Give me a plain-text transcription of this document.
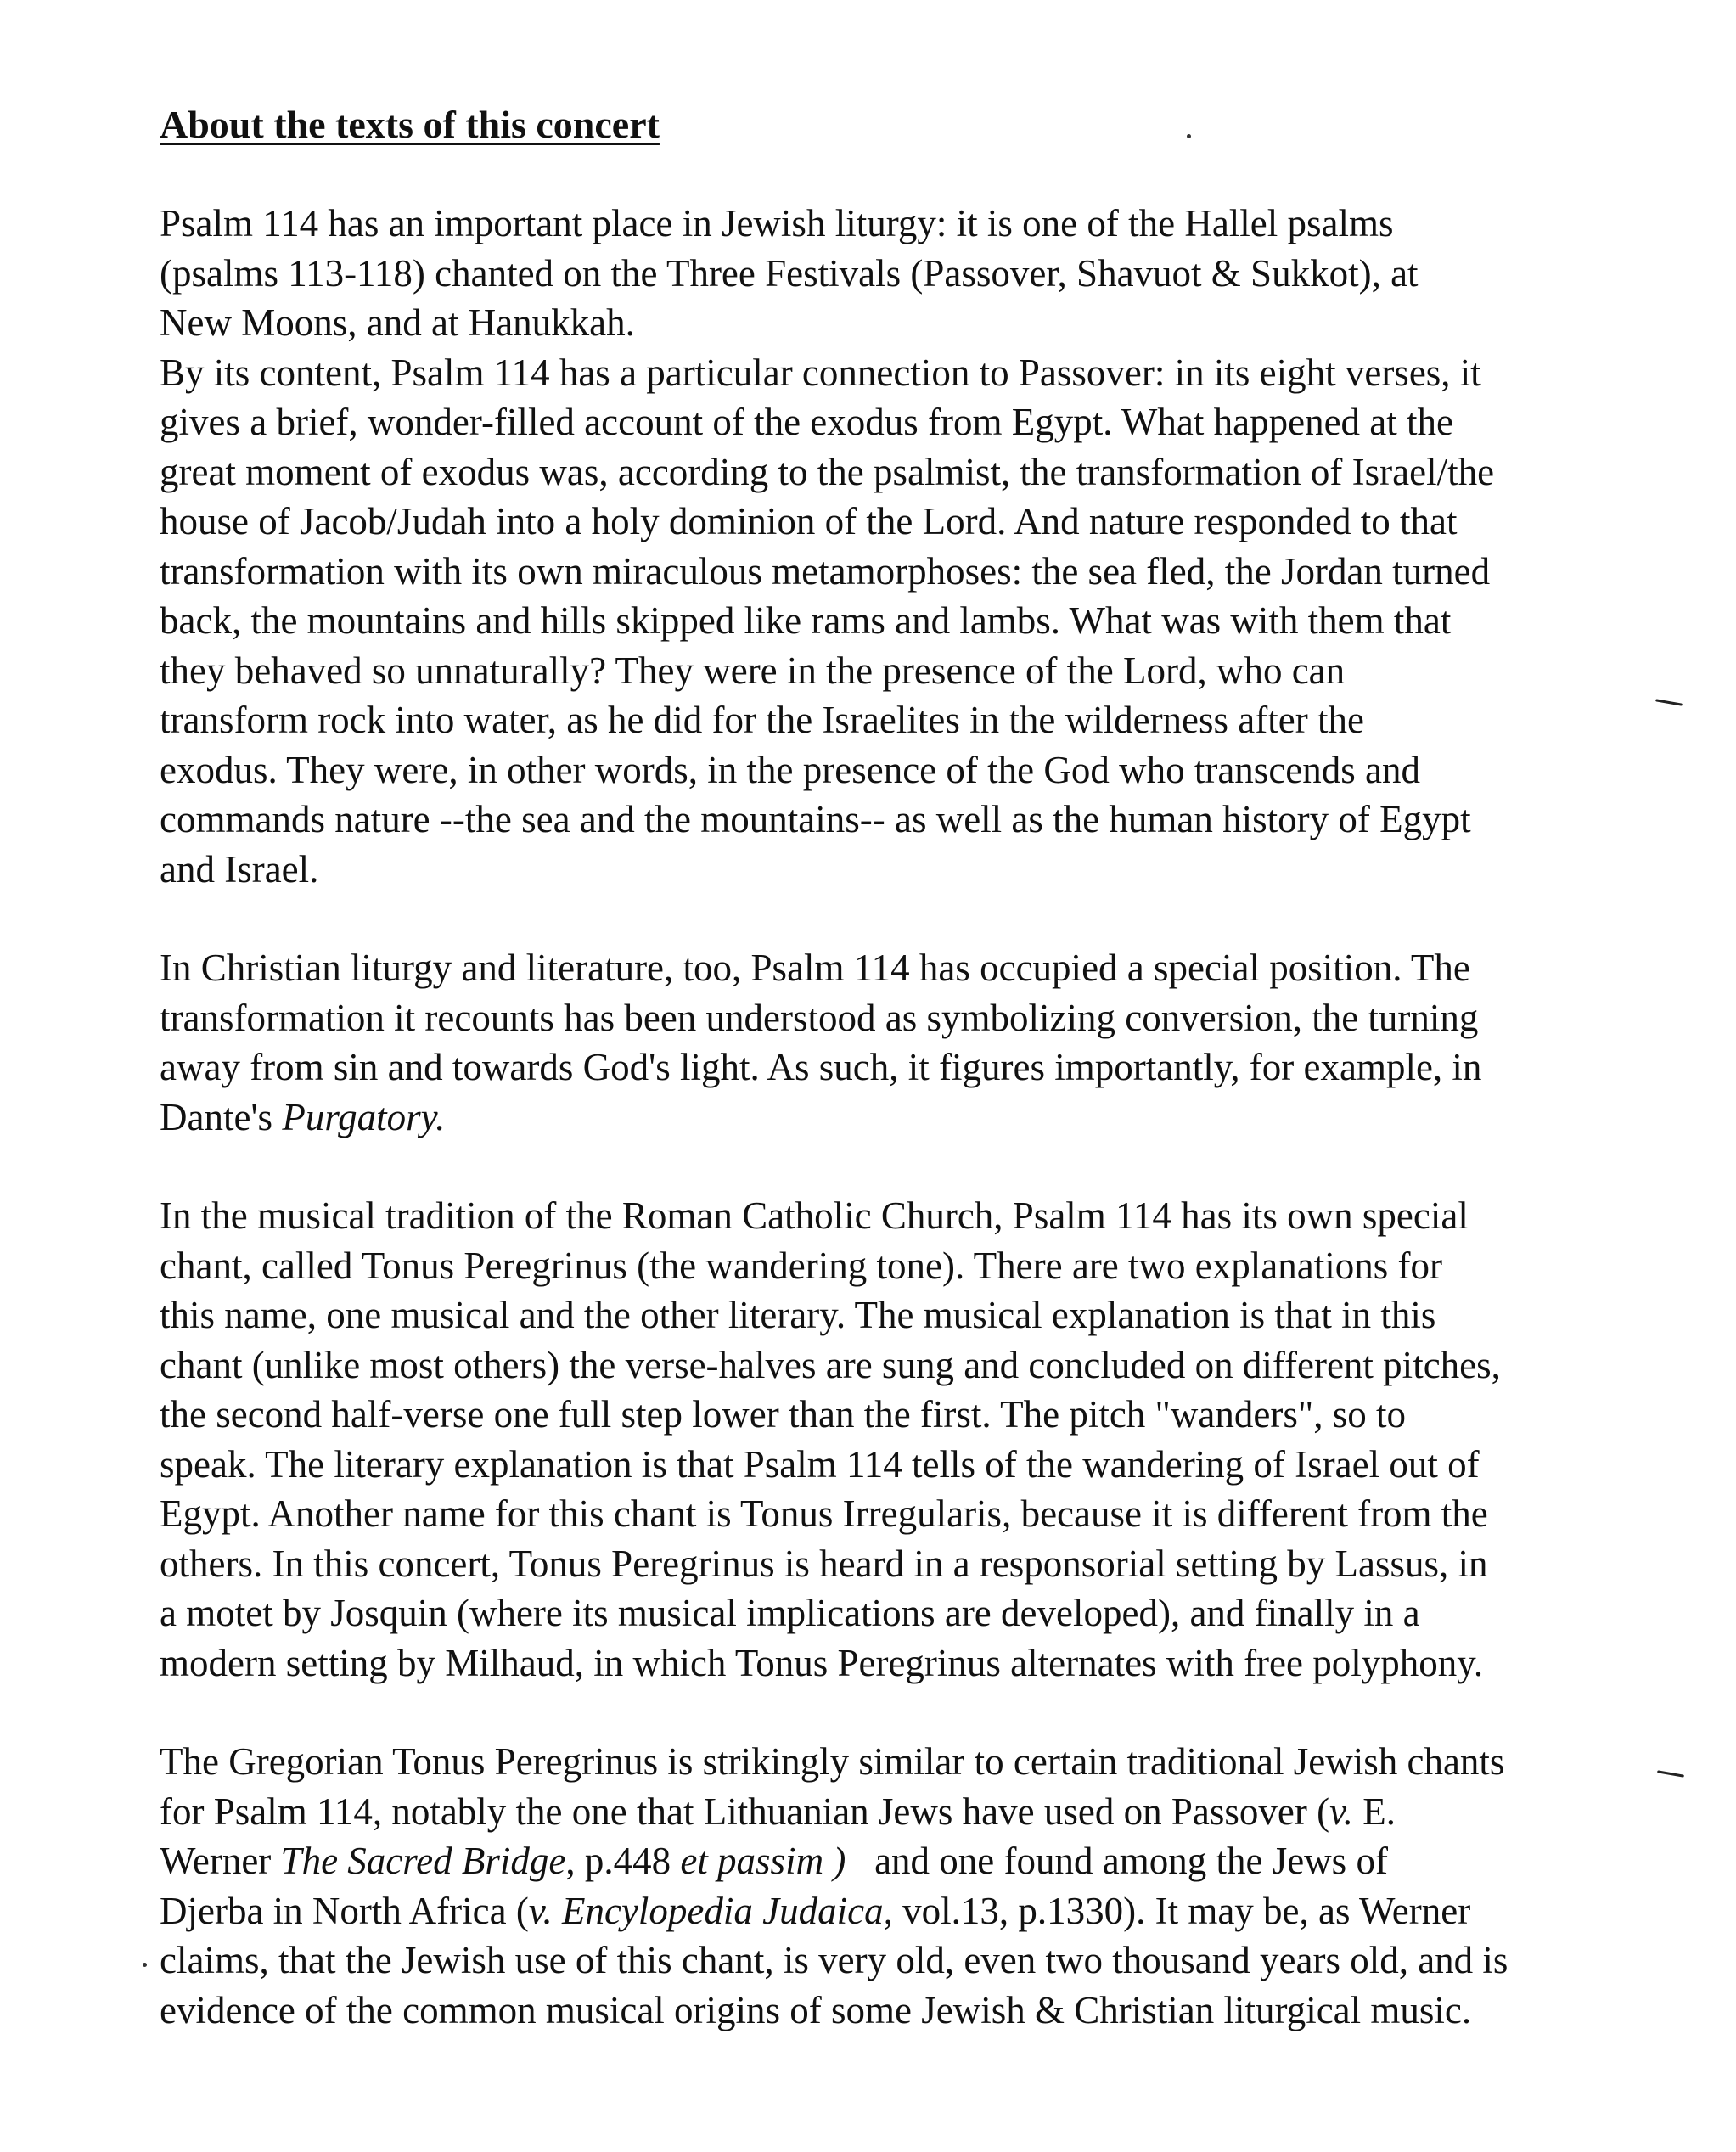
About the texts of this concert

Psalm 114 has an important place in Jewish liturgy: it is one of the Hallel psalms
(psalms 113-118) chanted on the Three Festivals (Passover, Shavuot & Sukkot), at
New Moons, and at Hanukkah.

By its content, Psalm 114 has a particular connection to Passover: in its eight verses, it
gives a brief, wonder-filled account of the exodus from Egypt. What happened at the
great moment of exodus was, according to the psalmist, the transformation of Israel/the
house of Jacob/Judah into a holy dominion of the Lord. And nature responded to that
transformation with its own miraculous metamorphoses: the sea fled, the Jordan turned
back, the mountains and hills skipped like rams and lambs. What was with them that
they behaved so unnaturally? They were in the presence of the Lord, who can
transform rock into water, as he did for the Israelites in the wilderness after the
exodus. They were, in other words, in the presence of the God who transcends and
commands nature --the sea and the mountains-- as well as the human history of Egypt
and Israel.

In Christian liturgy and literature, too, Psalm 114 has occupied a special position. The
transformation it recounts has been understood as symbolizing conversion, the turning
away from sin and towards God's light. As such, it figures importantly, for example, in
Dante's Purgatory.

In the musical tradition of the Roman Catholic Church, Psalm 114 has its own special
chant, called Tonus Peregrinus (the wandering tone). There are two explanations for
this name, one musical and the other literary. The musical explanation is that in this
chant (unlike most others) the verse-halves are sung and concluded on different pitches,
the second half-verse one full step lower than the first. The pitch "wanders", so to
speak. The literary explanation is that Psalm 114 tells of the wandering of Israel out of
Egypt. Another name for this chant is Tonus Irregularis, because it is different from the
others. In this concert, Tonus Peregrinus is heard in a responsorial setting by Lassus, in
a motet by Josquin (where its musical implications are developed), and finally in a
modern setting by Milhaud, in which Tonus Peregrinus alternates with free polyphony.

The Gregorian Tonus Peregrinus is strikingly similar to certain traditional Jewish chants
for Psalm 114, notably the one that Lithuanian Jews have used on Passover (v. E.
Werner The Sacred Bridge, p.448 et passim )   and one found among the Jews of
Djerba in North Africa (v. Encylopedia Judaica, vol.13, p.1330). It may be, as Werner
claims, that the Jewish use of this chant, is very old, even two thousand years old, and is
evidence of the common musical origins of some Jewish & Christian liturgical music.
